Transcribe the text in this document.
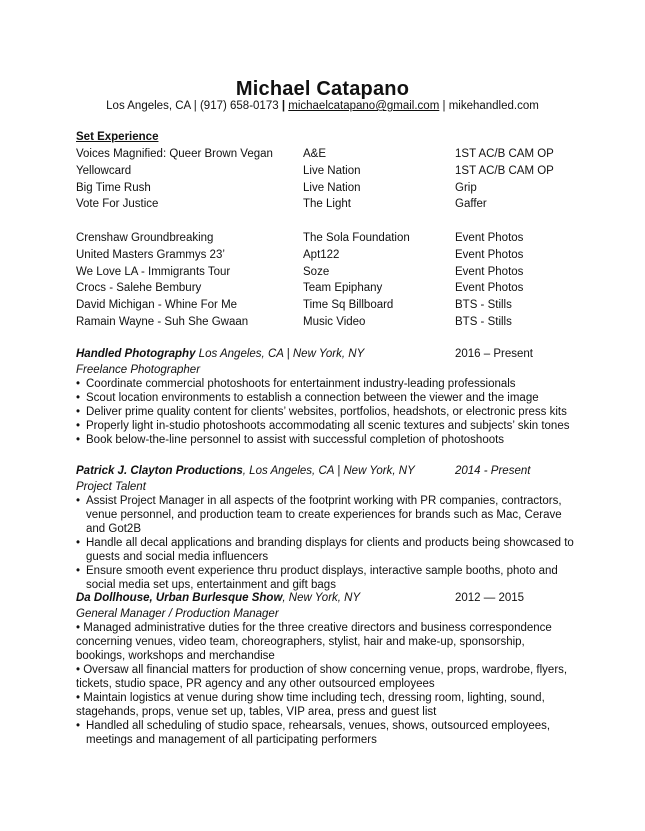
Michael Catapano
Los Angeles, CA | (917) 658-0173 | michaelcatapano@gmail.com | mikehandled.com
Set Experience
Voices Magnified: Queer Brown Vegan	A&E	1ST AC/B CAM OP
Yellowcard	Live Nation	1ST AC/B CAM OP
Big Time Rush	Live Nation	Grip
Vote For Justice	The Light	Gaffer
Crenshaw Groundbreaking	The Sola Foundation	Event Photos
United Masters Grammys 23’	Apt122	Event Photos
We Love LA - Immigrants Tour	Soze	Event Photos
Crocs - Salehe Bembury	Team Epiphany	Event Photos
David Michigan - Whine For Me	Time Sq Billboard	BTS - Stills
Ramain Wayne - Suh She Gwaan	Music Video	BTS - Stills
Handled Photography Los Angeles, CA | New York, NY	2016 – Present
Freelance Photographer
• Coordinate commercial photoshoots for entertainment industry-leading professionals
• Scout location environments to establish a connection between the viewer and the image
• Deliver prime quality content for clients’ websites, portfolios, headshots, or electronic press kits
• Properly light in-studio photoshoots accommodating all scenic textures and subjects’ skin tones
• Book below-the-line personnel to assist with successful completion of photoshoots
Patrick J. Clayton Productions, Los Angeles, CA | New York, NY	2014 - Present
Project Talent
• Assist Project Manager in all aspects of the footprint working with PR companies, contractors, venue personnel, and production team to create experiences for brands such as Mac, Cerave and Got2B
• Handle all decal applications and branding displays for clients and products being showcased to guests and social media influencers
• Ensure smooth event experience thru product displays, interactive sample booths, photo and social media set ups, entertainment and gift bags
Da Dollhouse, Urban Burlesque Show, New York, NY	2012 — 2015
General Manager / Production Manager
• Managed administrative duties for the three creative directors and business correspondence concerning venues, video team, choreographers, stylist, hair and make-up, sponsorship, bookings, workshops and merchandise
• Oversaw all financial matters for production of show concerning venue, props, wardrobe, flyers, tickets, studio space, PR agency and any other outsourced employees
• Maintain logistics at venue during show time including tech, dressing room, lighting, sound, stagehands, props, venue set up, tables, VIP area, press and guest list
• Handled all scheduling of studio space, rehearsals, venues, shows, outsourced employees, meetings and management of all participating performers
